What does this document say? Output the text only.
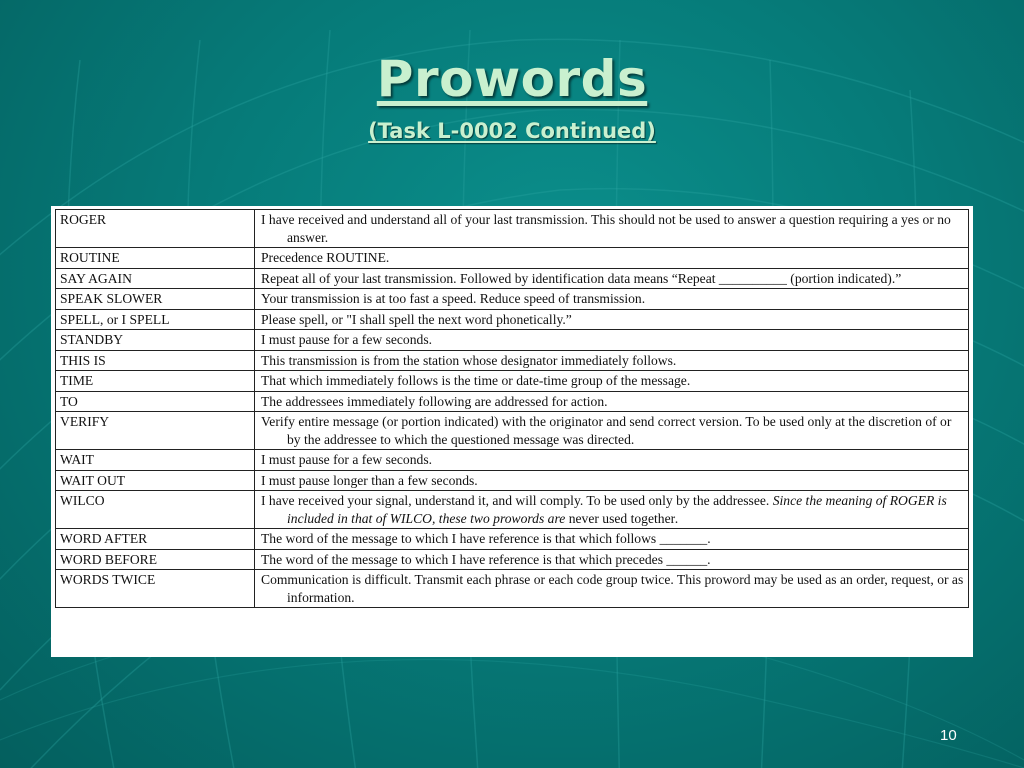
Prowords
(Task L-0002 Continued)
ROGER	I have received and understand all of your last transmission. This should not be used to answer a question requiring a yes or no answer.

ROUTINE	Precedence ROUTINE.

SAY AGAIN	Repeat all of your last transmission. Followed by identification data means “Repeat __________ (portion indicated).”

SPEAK SLOWER	Your transmission is at too fast a speed. Reduce speed of transmission.

SPELL, or I SPELL	Please spell, or "I shall spell the next word phonetically.”

STANDBY	I must pause for a few seconds.

THIS IS	This transmission is from the station whose designator immediately follows.

TIME	That which immediately follows is the time or date-time group of the message.

TO	The addressees immediately following are addressed for action.

VERIFY	Verify entire message (or portion indicated) with the originator and send correct version. To be used only at the discretion of or by the addressee to which the questioned message was directed.

WAIT	I must pause for a few seconds.

WAIT OUT	I must pause longer than a few seconds.

WILCO	I have received your signal, understand it, and will comply. To be used only by the addressee. Since the meaning of ROGER is included in that of WILCO, these two prowords are never used together.

WORD AFTER	The word of the message to which I have reference is that which follows _______.

WORD BEFORE	The word of the message to which I have reference is that which precedes ______.

WORDS TWICE	Communication is difficult. Transmit each phrase or each code group twice. This proword may be used as an order, request, or as information.
10
